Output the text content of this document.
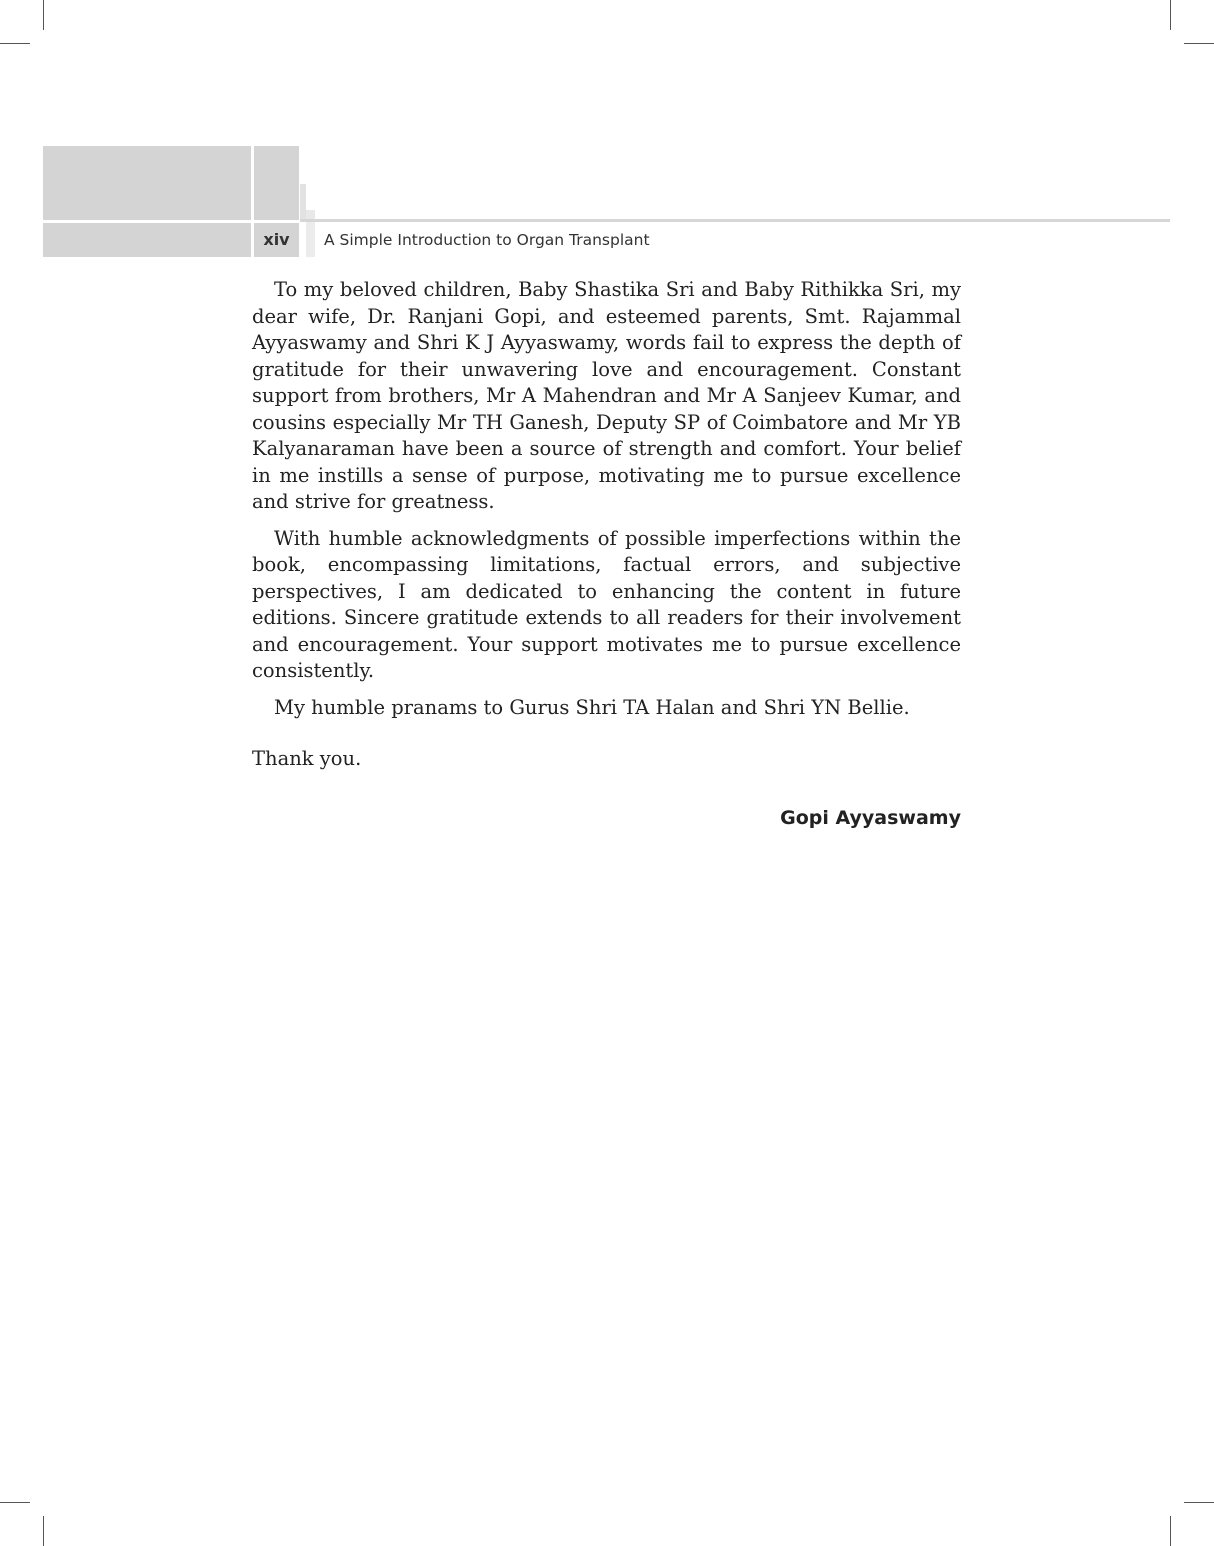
xiv	A Simple Introduction to Organ Transplant

To my beloved children, Baby Shastika Sri and Baby Rithikka Sri, my dear wife, Dr. Ranjani Gopi, and esteemed parents, Smt. Rajammal Ayyaswamy and Shri K J Ayyaswamy, words fail to express the depth of gratitude for their unwavering love and encouragement. Constant support from brothers, Mr A Mahendran and Mr A Sanjeev Kumar, and cousins especially Mr TH Ganesh, Deputy SP of Coimbatore and Mr YB Kalyanaraman have been a source of strength and comfort. Your belief in me instills a sense of purpose, motivating me to pursue excellence and strive for greatness.

With humble acknowledgments of possible imperfections within the book, encompassing limitations, factual errors, and subjective perspectives, I am dedicated to enhancing the content in future editions. Sincere gratitude extends to all readers for their involvement and encouragement. Your support motivates me to pursue excellence consistently.

My humble pranams to Gurus Shri TA Halan and Shri YN Bellie.

Thank you.
Gopi Ayyaswamy
